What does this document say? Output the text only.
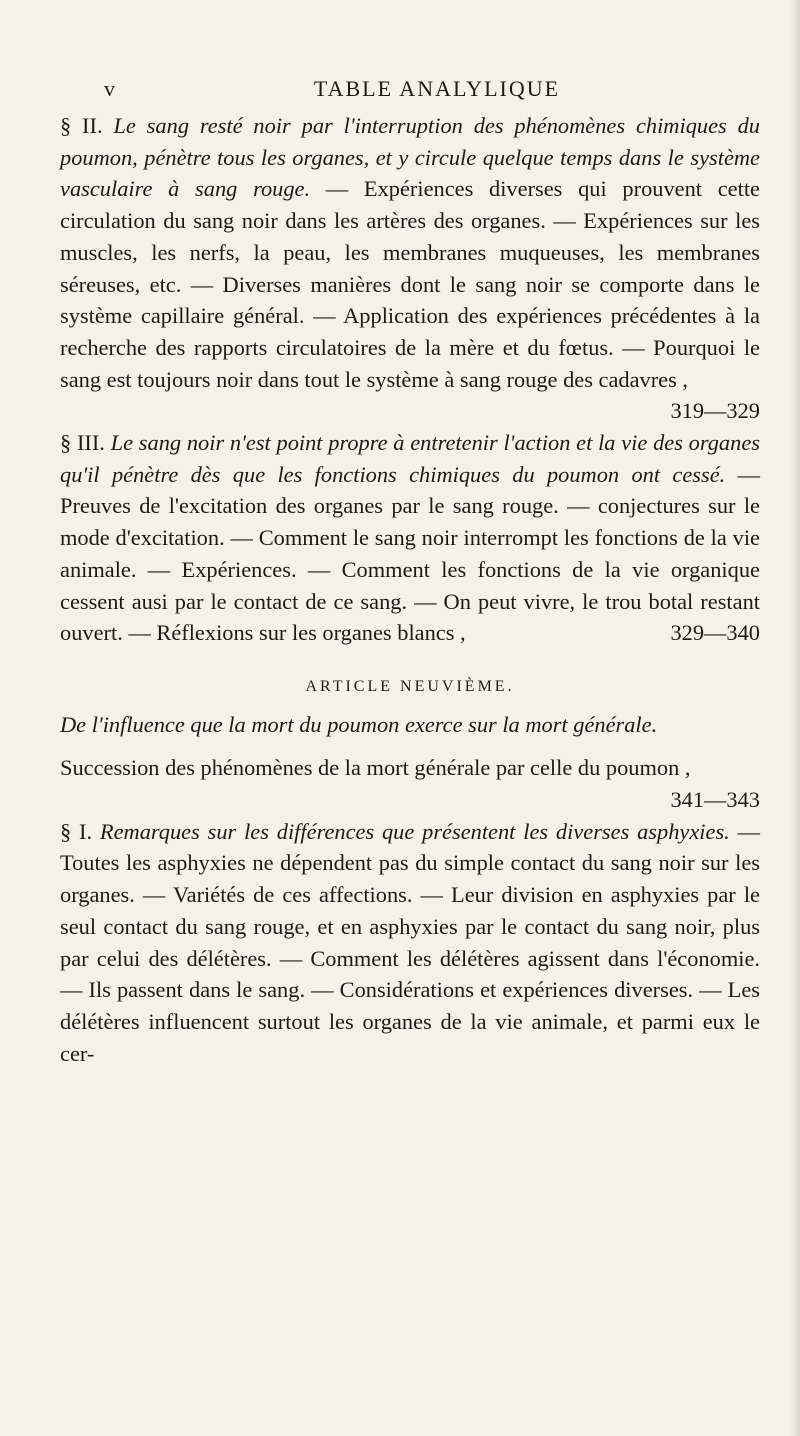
v	TABLE ANALYLIQUE

§ II. Le sang resté noir par l'interruption des phénomènes chimiques du poumon, pénètre tous les organes, et y circule quelque temps dans le système vasculaire à sang rouge. — Expériences diverses qui prouvent cette circulation du sang noir dans les artères des organes. — Expériences sur les muscles, les nerfs, la peau, les membranes muqueuses, les membranes séreuses, etc. — Diverses manières dont le sang noir se comporte dans le système capillaire général. — Application des expériences précédentes à la recherche des rapports circulatoires de la mère et du fœtus. — Pourquoi le sang est toujours noir dans tout le système à sang rouge des cadavres ,
319—329

§ III. Le sang noir n'est point propre à entretenir l'action et la vie des organes qu'il pénètre dès que les fonctions chimiques du poumon ont cessé. — Preuves de l'excitation des organes par le sang rouge. — conjectures sur le mode d'excitation. — Comment le sang noir interrompt les fonctions de la vie animale. — Expériences. — Comment les fonctions de la vie organique cessent ausi par le contact de ce sang. — On peut vivre, le trou botal restant ouvert. — Réflexions sur les organes blancs ,	329—340

ARTICLE NEUVIÈME.

De l'influence que la mort du poumon exerce sur la mort générale.

Succession des phénomènes de la mort générale par celle du poumon ,
341—343

§ I. Remarques sur les différences que présentent les diverses asphyxies. — Toutes les asphyxies ne dépendent pas du simple contact du sang noir sur les organes. — Variétés de ces affections. — Leur division en asphyxies par le seul contact du sang rouge, et en asphyxies par le contact du sang noir, plus par celui des délétères. — Comment les délétères agissent dans l'économie. — Ils passent dans le sang. — Considérations et expériences diverses. — Les délétères influencent surtout les organes de la vie animale, et parmi eux le cer-
